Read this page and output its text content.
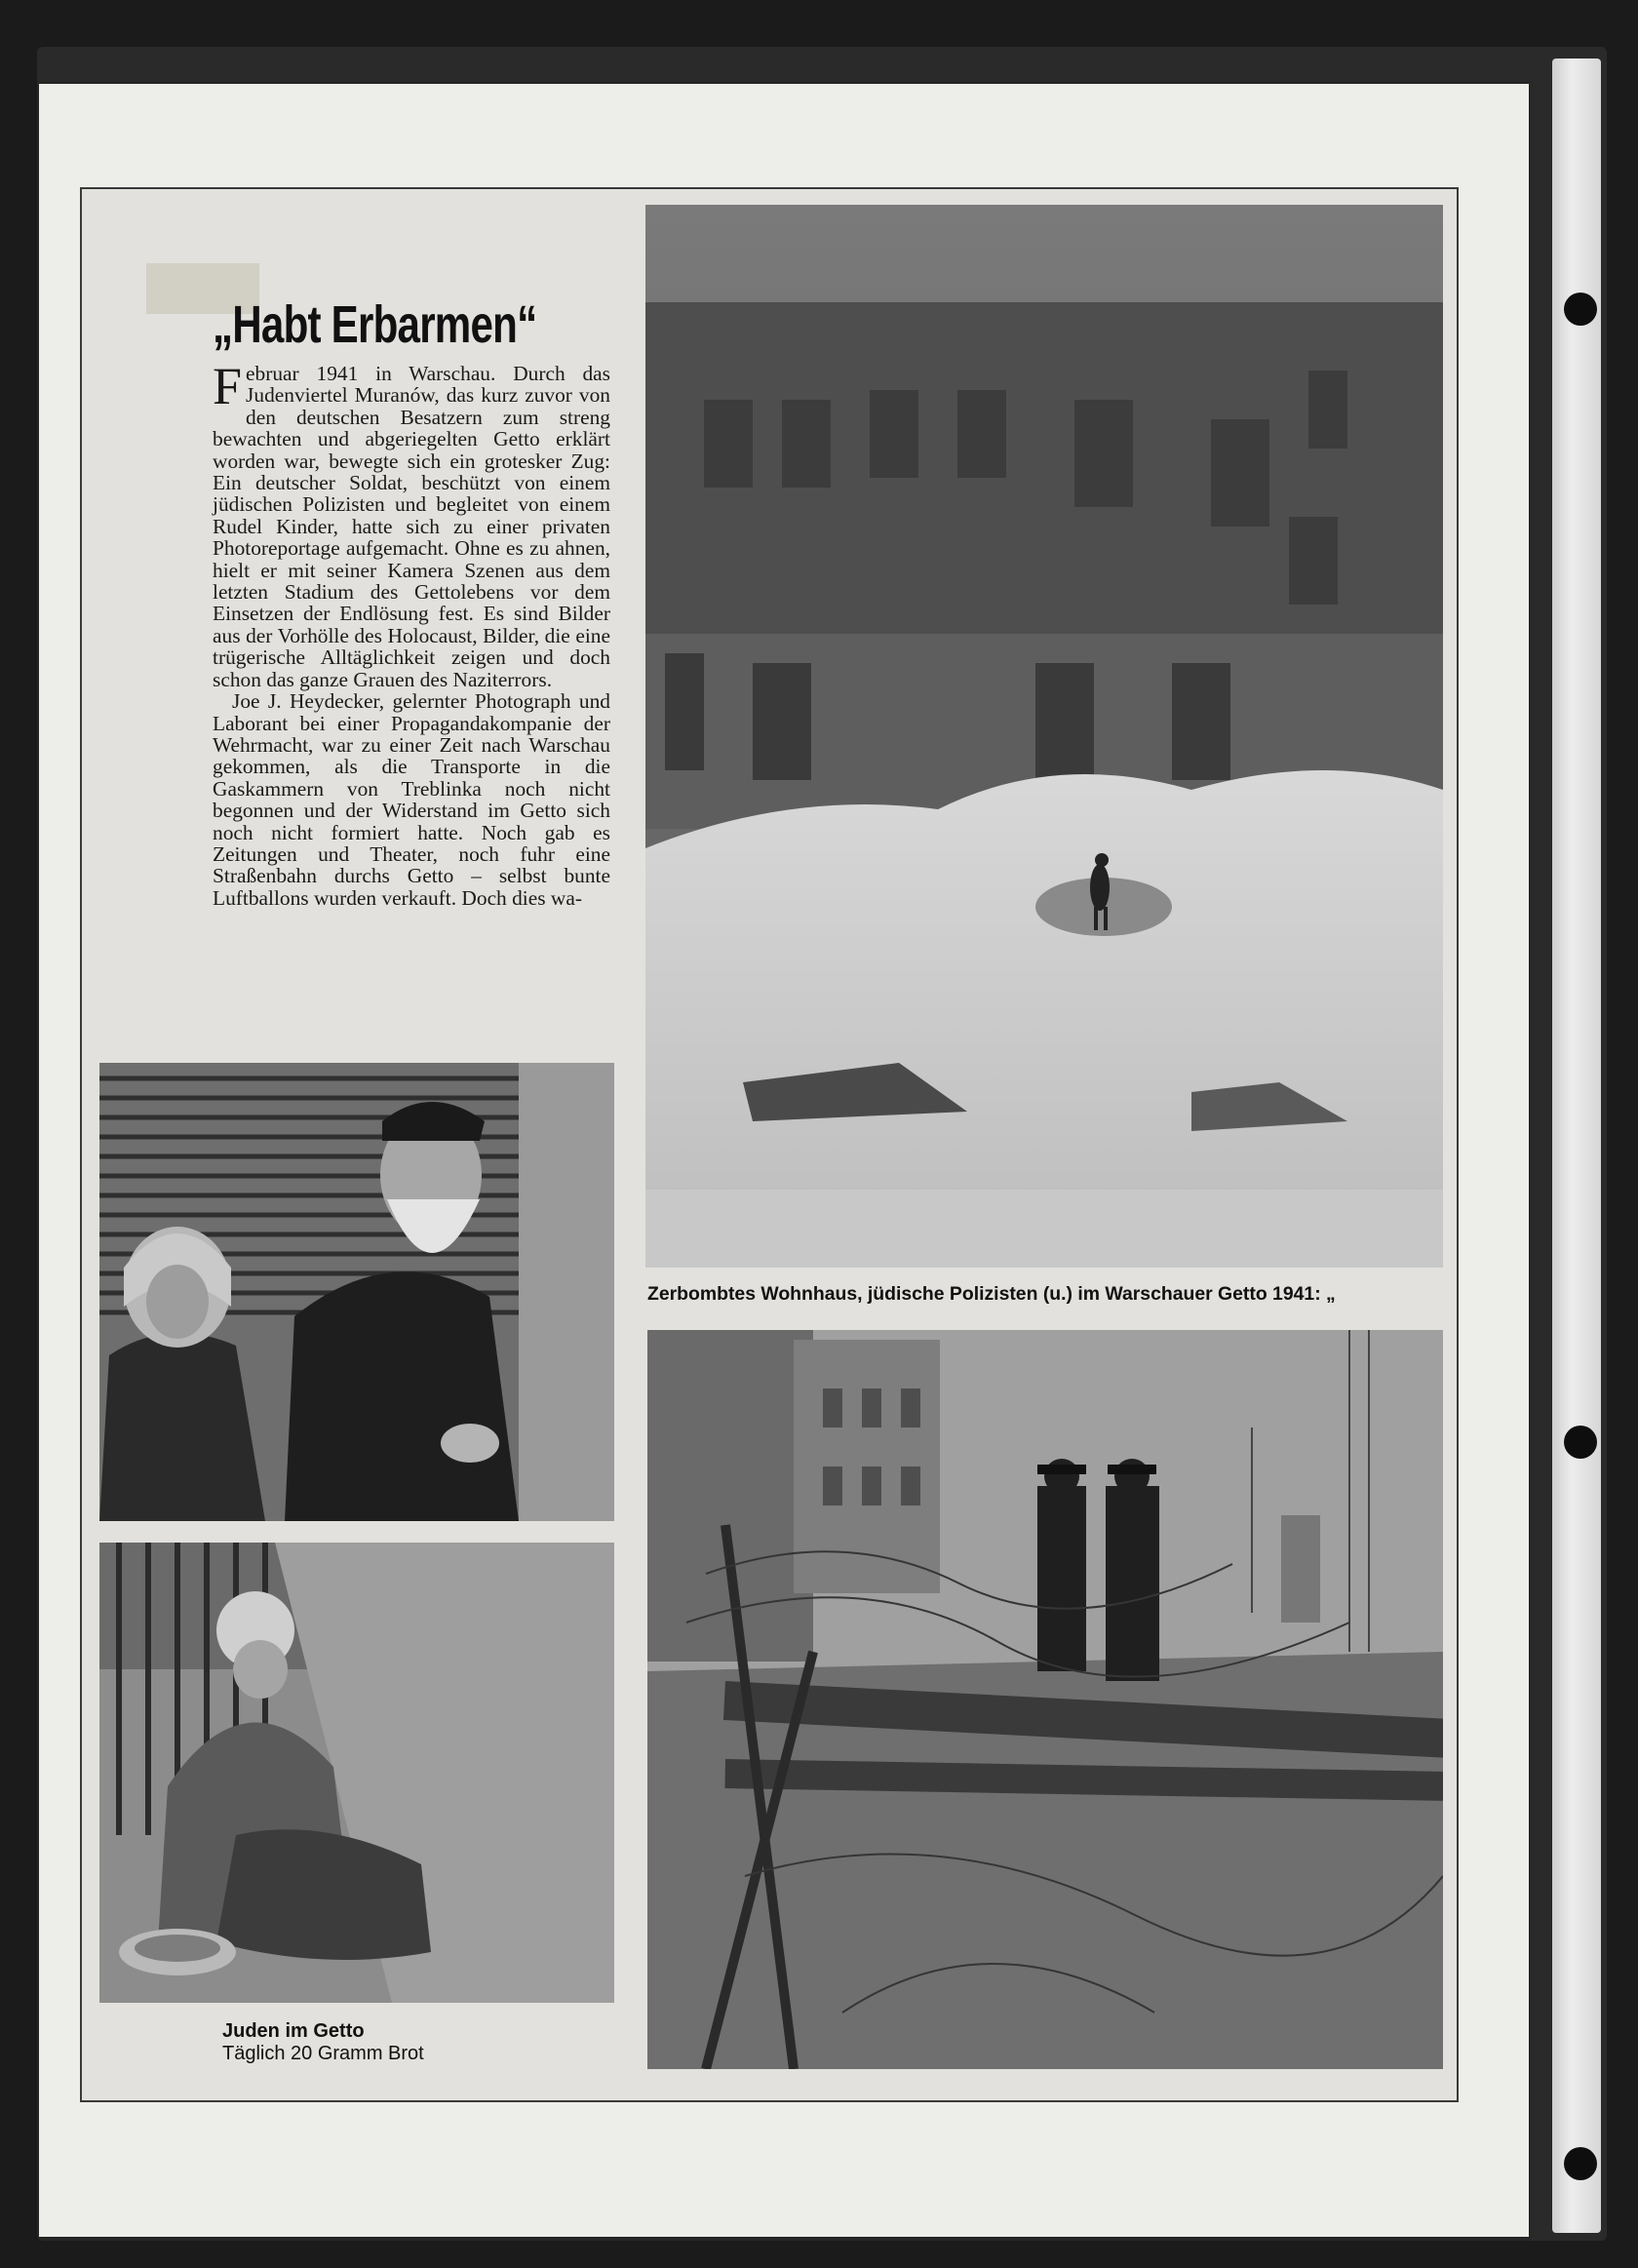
„Habt Erbarmen“

Februar 1941 in Warschau. Durch das Judenviertel Muranów, das kurz zuvor von den deutschen Besatzern zum streng bewachten und abgeriegelten Getto erklärt worden war, bewegte sich ein grotesker Zug: Ein deutscher Soldat, beschützt von einem jüdischen Polizisten und begleitet von einem Rudel Kinder, hatte sich zu einer privaten Photoreportage aufgemacht. Ohne es zu ahnen, hielt er mit seiner Kamera Szenen aus dem letzten Stadium des Gettolebens vor dem Einsetzen der Endlösung fest. Es sind Bilder aus der Vorhölle des Holocaust, Bilder, die eine trügerische Alltäglichkeit zeigen und doch schon das ganze Grauen des Naziterrors.

Joe J. Heydecker, gelernter Photograph und Laborant bei einer Propagandakompanie der Wehrmacht, war zu einer Zeit nach Warschau gekommen, als die Transporte in die Gaskammern von Treblinka noch nicht begonnen und der Widerstand im Getto sich noch nicht formiert hatte. Noch gab es Zeitungen und Theater, noch fuhr eine Straßenbahn durchs Getto – selbst bunte Luftballons wurden verkauft. Doch dies wa-

Zerbombtes Wohnhaus, jüdische Polizisten (u.) im Warschauer Getto 1941: „
Juden im Getto
Täglich 20 Gramm Brot
